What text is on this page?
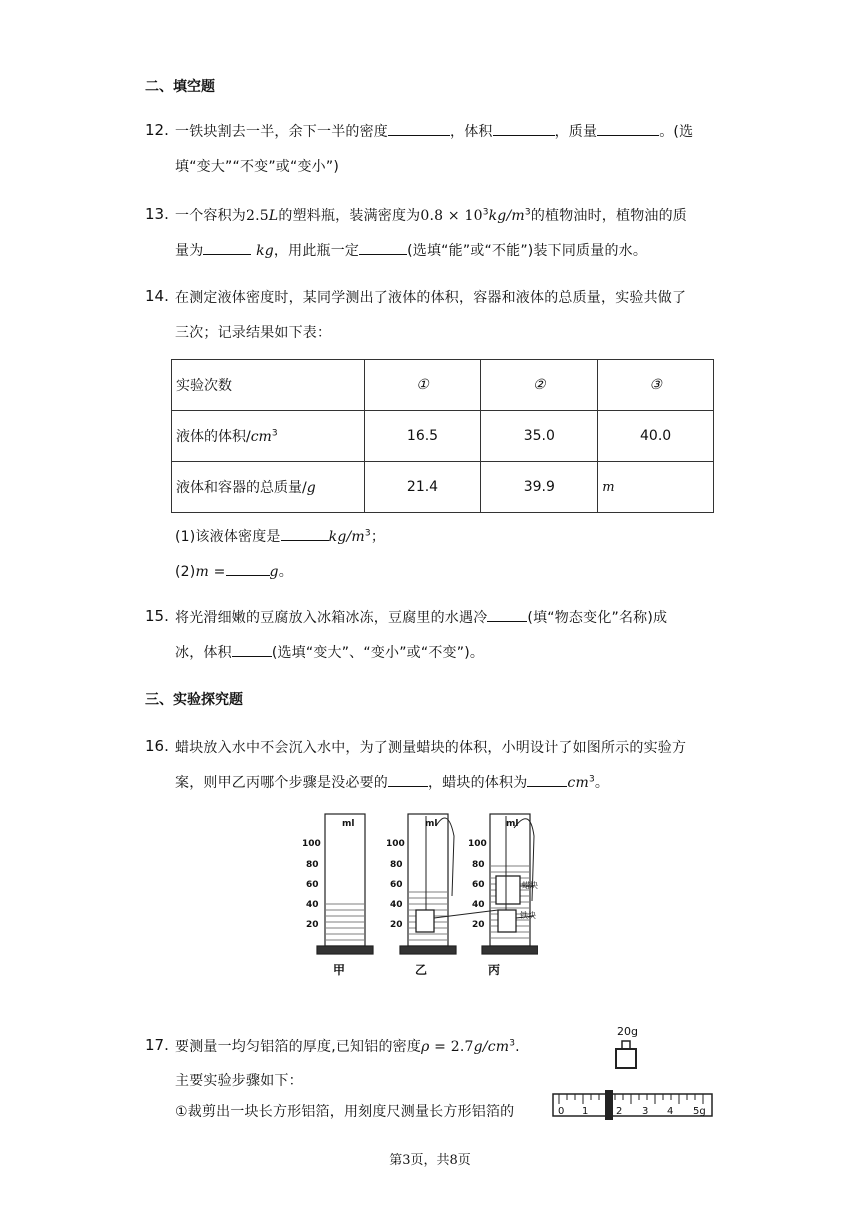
二、填空题
12. 一铁块割去一半，余下一半的密度	，体积	，质量	。(选
填“变大”“不变”或“变小”)
13. 一个容积为2.5L的塑料瓶，装满密度为$0.8 \times 10^3kg/m^3$的植物油时，植物油的质
量为	kg，用此瓶一定	(选填“能”或“不能”)装下同质量的水。
14. 在测定液体密度时，某同学测出了液体的体积，容器和液体的总质量，实验共做了
三次；记录结果如下表：
实验次数	①	②	③
液体的体积$/cm^3$	16.5	35.0	40.0
液体和容器的总质量/g	21.4	39.9	m
(1)该液体密度是	$kg/m^3$；
(2)m =	g。
15. 将光滑细嫩的豆腐放入冰箱冰冻，豆腐里的水遇冷	(填“物态变化”名称)成
冰，体积	(选填“变大”、“变小”或“不变”)。
三、实验探究题
16. 蜡块放入水中不会沉入水中，为了测量蜡块的体积，小明设计了如图所示的实验方
案，则甲乙丙哪个步骤是没必要的	，蜡块的体积为	$cm^3$。
ml	ml	ml
100
80
60
40
20
100
80
60
40
20
100
80
60
40
20
蜡块
铁块
甲	乙	丙
17. 要测量一均匀铝箔的厚度,已知铝的密度$\rho = 2.7g/cm^3$.
主要实验步骤如下：
①裁剪出一块长方形铝箔，用刻度尺测量长方形铝箔的
20g
0 1	2 3 4 5g
第3页，共8页
